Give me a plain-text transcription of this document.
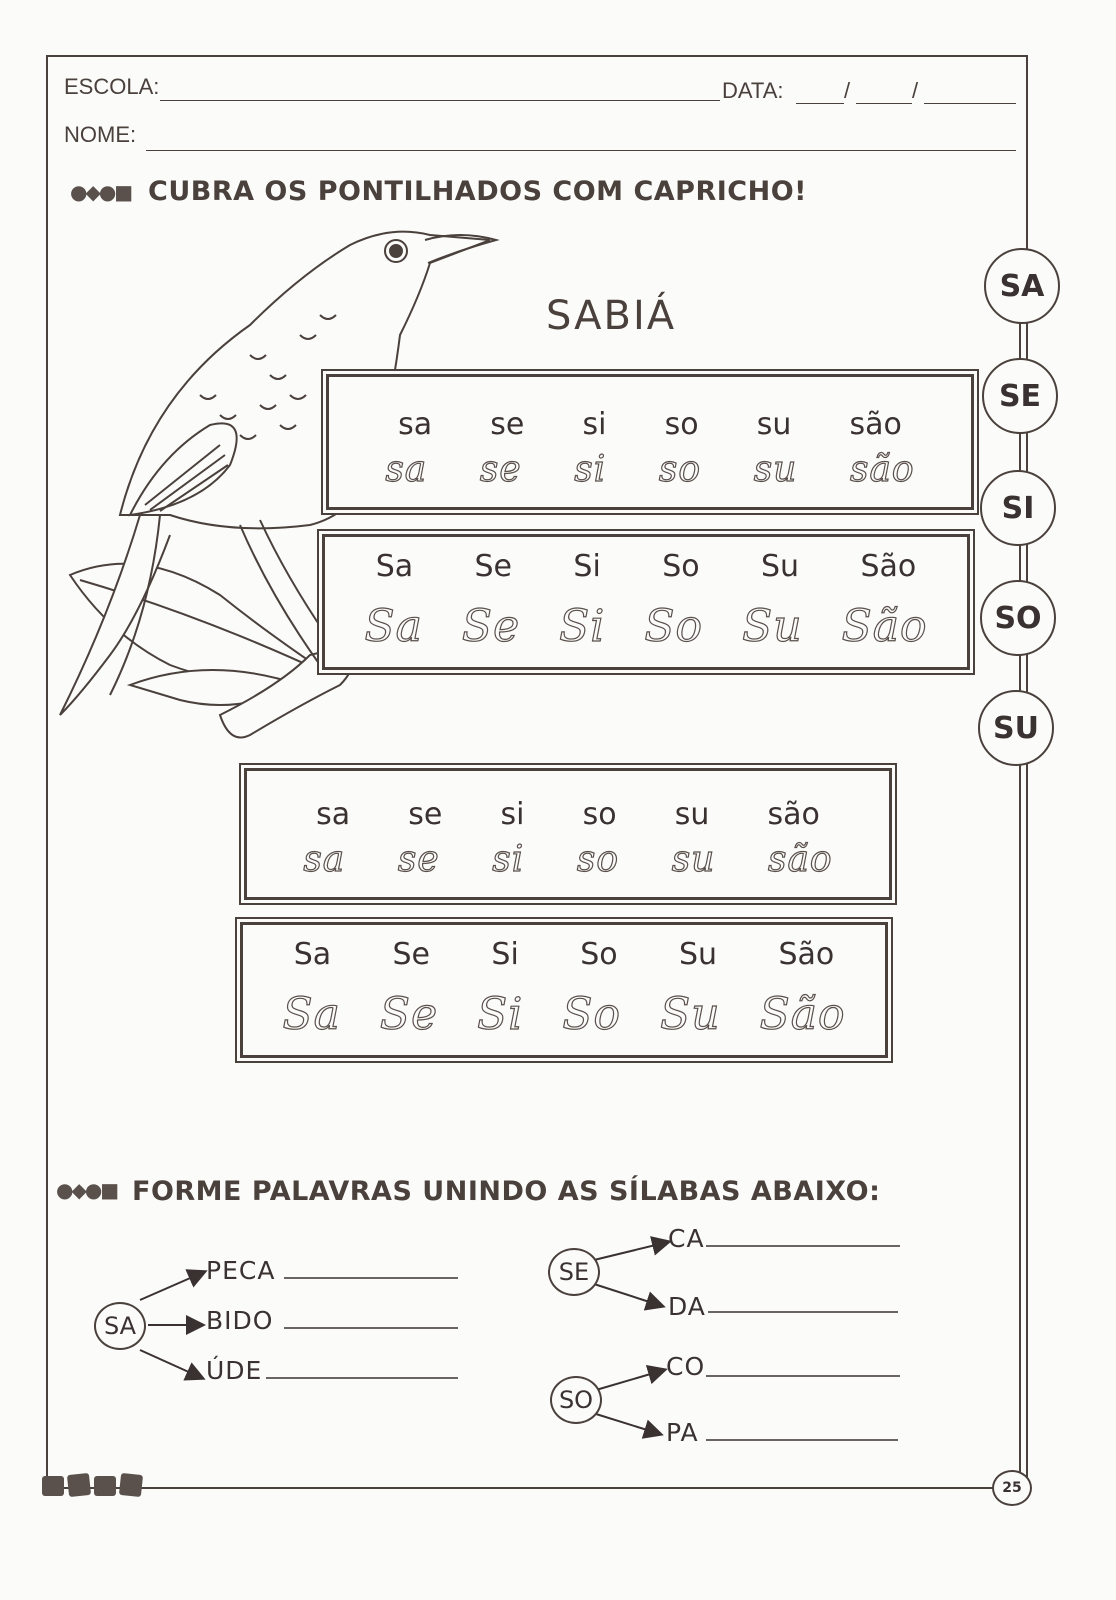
ESCOLA:	DATA:	/	/
NOME:
●◆●■ CUBRA OS PONTILHADOS COM CAPRICHO!
SABIÁ
SA
SE
SI
SO
SU
sa se si so su são
sa se si so su são
Sa Se Si So Su São
Sa Se Si So Su São
sa se si so su são
sa se si so su são
Sa Se Si So Su São
Sa Se Si So Su São
●◆●■ FORME PALAVRAS UNINDO AS SÍLABAS ABAIXO:
SA
PECA
BIDO
ÚDE
SE
CA
DA
SO
CO
PA
25
